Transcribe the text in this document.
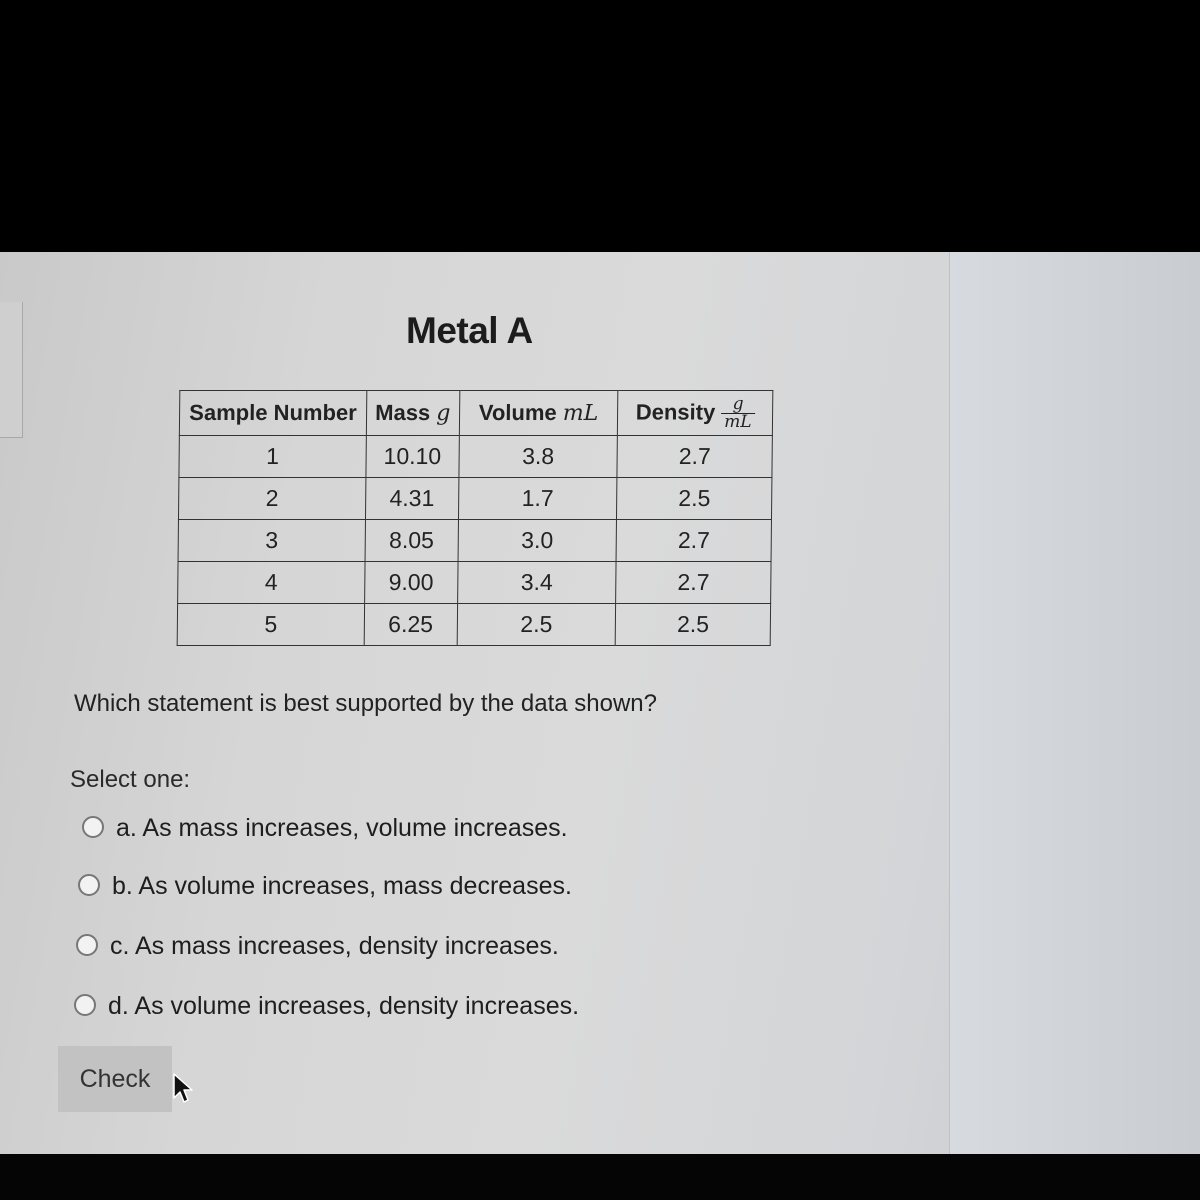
Metal A
Sample Number	Mass g	Volume mL	Density $\frac{g}{mL}$

1	10.10	3.8	2.7
2	4.31	1.7	2.5
3	8.05	3.0	2.7
4	9.00	3.4	2.7
5	6.25	2.5	2.5
Which statement is best supported by the data shown?
Select one:
a. As mass increases, volume increases.
b. As volume increases, mass decreases.
c. As mass increases, density increases.
d. As volume increases, density increases.
Check
